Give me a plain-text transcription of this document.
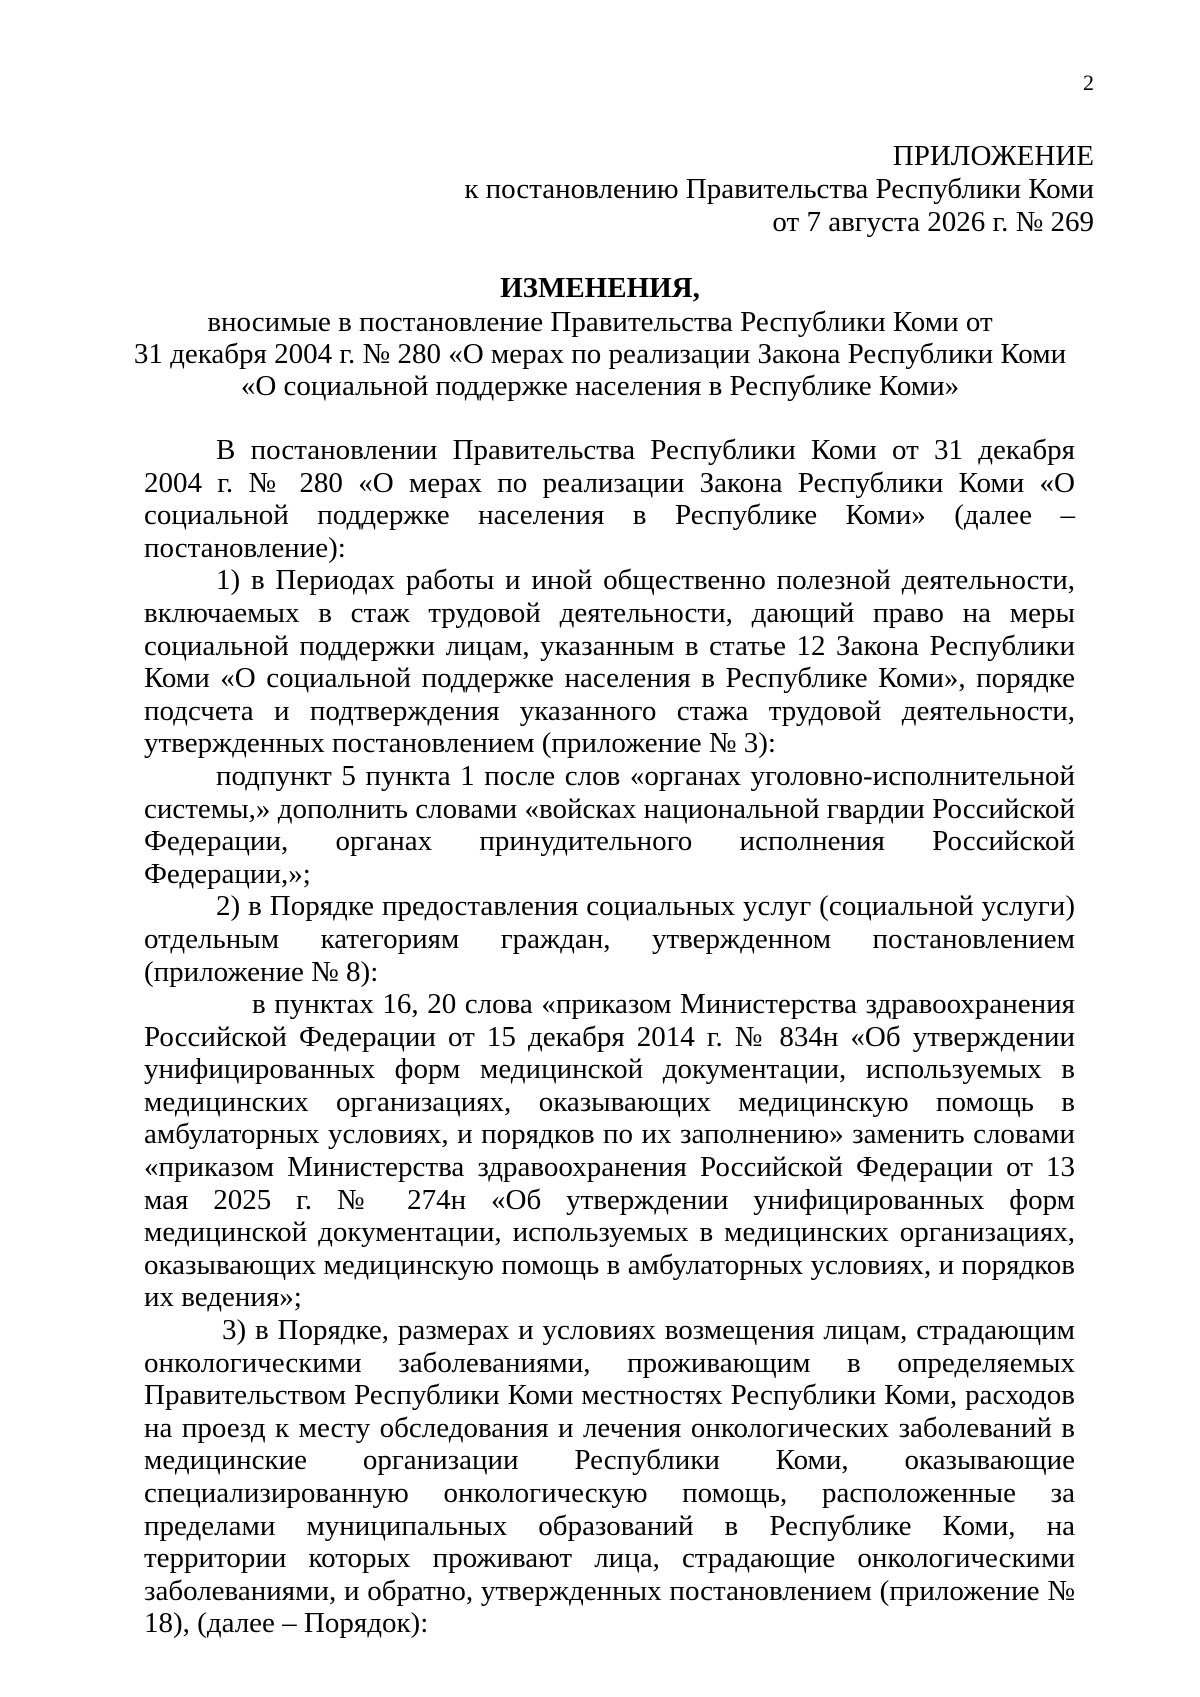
2
ПРИЛОЖЕНИЕ
к постановлению Правительства Республики Коми
от 7 августа 2026 г. № 269
ИЗМЕНЕНИЯ,
вносимые в постановление Правительства Республики Коми от
31 декабря 2004 г. № 280 «О мерах по реализации Закона Республики Коми
«О социальной поддержке населения в Республике Коми»

В постановлении Правительства Республики Коми от 31 декабря 2004 г. № 280 «О мерах по реализации Закона Республики Коми «О социальной поддержке населения в Республике Коми» (далее – постановление):

1) в Периодах работы и иной общественно полезной деятельности, включаемых в стаж трудовой деятельности, дающий право на меры социальной поддержки лицам, указанным в статье 12 Закона Республики Коми «О социальной поддержке населения в Республике Коми», порядке подсчета и подтверждения указанного стажа трудовой деятельности, утвержденных постановлением (приложение № 3):

подпункт 5 пункта 1 после слов «органах уголовно-исполнительной системы,» дополнить словами «войсках национальной гвардии Российской Федерации, органах принудительного исполнения Российской Федерации,»;

2) в Порядке предоставления социальных услуг (социальной услуги) отдельным категориям граждан, утвержденном постановлением (приложение № 8):

в пунктах 16, 20 слова «приказом Министерства здравоохранения Российской Федерации от 15 декабря 2014 г. № 834н «Об утверждении унифицированных форм медицинской документации, используемых в медицинских организациях, оказывающих медицинскую помощь в амбулаторных условиях, и порядков по их заполнению» заменить словами «приказом Министерства здравоохранения Российской Федерации от 13 мая 2025 г. № 274н «Об утверждении унифицированных форм медицинской документации, используемых в медицинских организациях, оказывающих медицинскую помощь в амбулаторных условиях, и порядков их ведения»;

3) в Порядке, размерах и условиях возмещения лицам, страдающим онкологическими заболеваниями, проживающим в определяемых Правительством Республики Коми местностях Республики Коми, расходов на проезд к месту обследования и лечения онкологических заболеваний в медицинские организации Республики Коми, оказывающие специализированную онкологическую помощь, расположенные за пределами муниципальных образований в Республике Коми, на территории которых проживают лица, страдающие онкологическими заболеваниями, и обратно, утвержденных постановлением (приложение № 18), (далее – Порядок):
